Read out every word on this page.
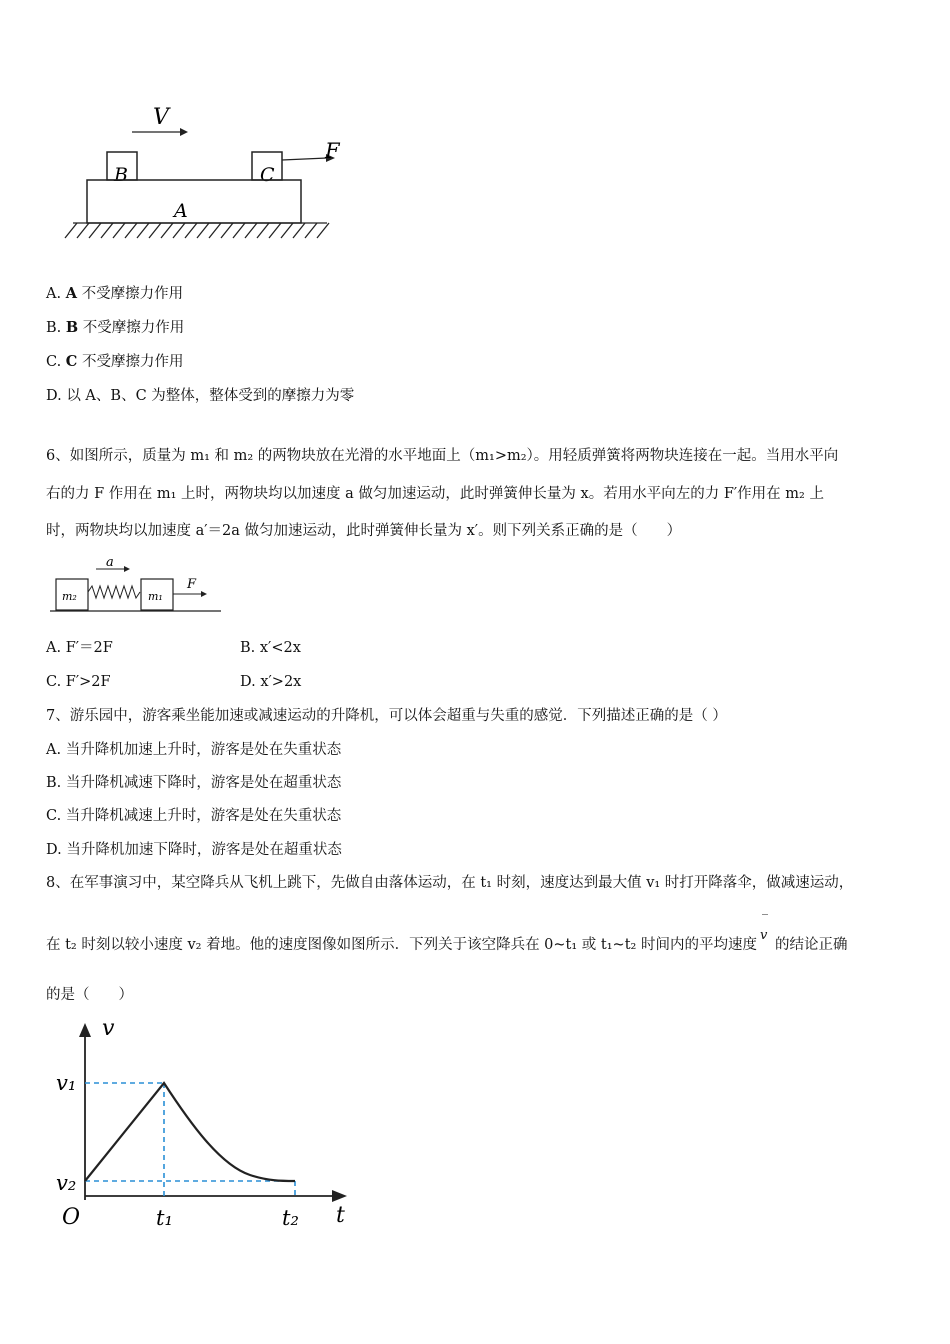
V
B	C
F
A
A. A 不受摩擦力作用
B. B 不受摩擦力作用
C. C 不受摩擦力作用
D. 以 A、B、C 为整体，整体受到的摩擦力为零
6、如图所示，质量为 m₁ 和 m₂ 的两物块放在光滑的水平地面上（m₁>m₂）。用轻质弹簧将两物块连接在一起。当用水平向
右的力 F 作用在 m₁ 上时，两物块均以加速度 a 做匀加速运动，此时弹簧伸长量为 x。若用水平向左的力 F′作用在 m₂ 上
时，两物块均以加速度 a′＝2a 做匀加速运动，此时弹簧伸长量为 x′。则下列关系正确的是（　　）
a
m₂	m₁
F
A. F′＝2F	B. x′<2x
C. F′>2F	D. x′>2x
7、游乐园中，游客乘坐能加速或减速运动的升降机，可以体会超重与失重的感觉．下列描述正确的是（ ）
A. 当升降机加速上升时，游客是处在失重状态
B. 当升降机减速下降时，游客是处在超重状态
C. 当升降机减速上升时，游客是处在失重状态
D. 当升降机加速下降时，游客是处在超重状态
8、在军事演习中，某空降兵从飞机上跳下，先做自由落体运动，在 t₁ 时刻，速度达到最大值 v₁ 时打开降落伞，做减速运动，
在 t₂ 时刻以较小速度 v₂ 着地。他的速度图像如图所示．下列关于该空降兵在 0~t₁ 或 t₁~t₂ 时间内的平均速度
‾
v的结论正确
的是（　　）
v
t
O
v₁
v₂
t₁	t₂
